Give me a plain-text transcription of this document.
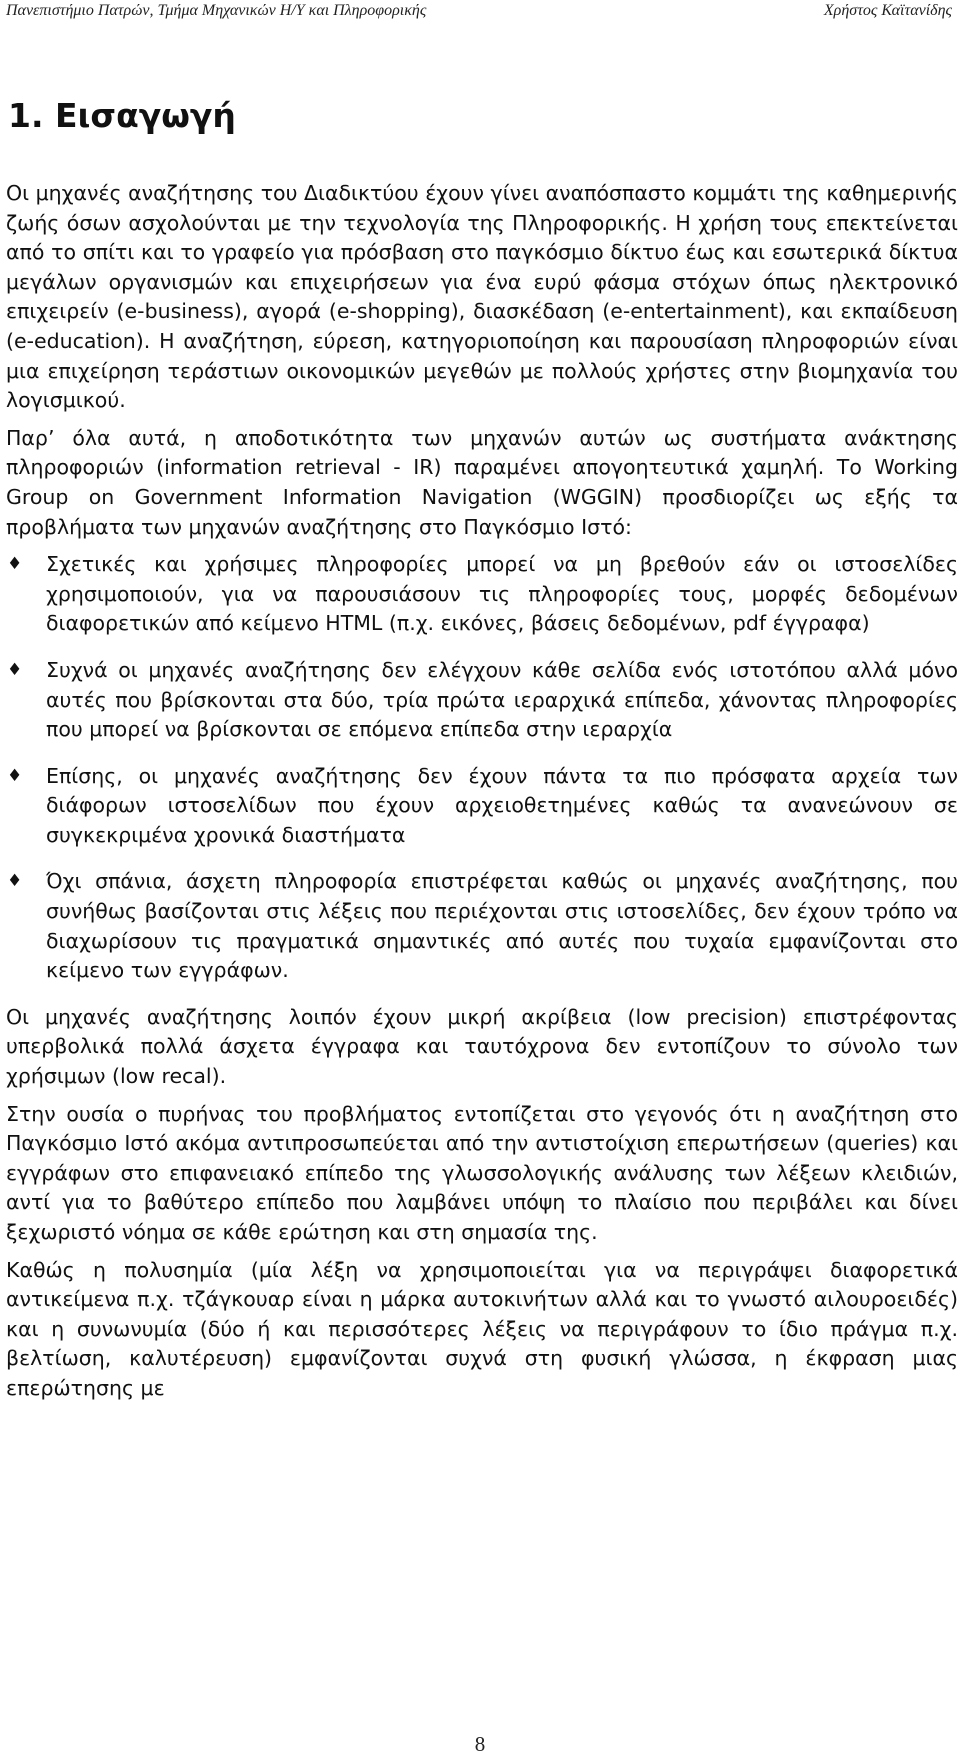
Πανεπιστήμιο Πατρών, Τμήμα Μηχανικών Η/Υ και Πληροφορικής	Χρήστος Καϊτανίδης
1. Εισαγωγή

Οι μηχανές αναζήτησης του Διαδικτύου έχουν γίνει αναπόσπαστο κομμάτι της καθημερινής ζωής όσων ασχολούνται με την τεχνολογία της Πληροφορικής. Η χρήση τους επεκτείνεται από το σπίτι και το γραφείο για πρόσβαση στο παγκόσμιο δίκτυο έως και εσωτερικά δίκτυα μεγάλων οργανισμών και επιχειρήσεων για ένα ευρύ φάσμα στόχων όπως ηλεκτρονικό επιχειρείν (e-business), αγορά (e-shopping), διασκέδαση (e-entertainment), και εκπαίδευση (e-education). Η αναζήτηση, εύρεση, κατηγοριοποίηση και παρουσίαση πληροφοριών είναι μια επιχείρηση τεράστιων οικονομικών μεγεθών με πολλούς χρήστες στην βιομηχανία του λογισμικού.

Παρ’ όλα αυτά, η αποδοτικότητα των μηχανών αυτών ως συστήματα ανάκτησης πληροφοριών (information retrieval - IR) παραμένει απογοητευτικά χαμηλή. Το Working Group on Government Information Navigation (WGGIN) προσδιορίζει ως εξής τα προβλήματα των μηχανών αναζήτησης στο Παγκόσμιο Ιστό:

♦ Σχετικές και χρήσιμες πληροφορίες μπορεί να μη βρεθούν εάν οι ιστοσελίδες χρησιμοποιούν, για να παρουσιάσουν τις πληροφορίες τους, μορφές δεδομένων διαφορετικών από κείμενο HTML (π.χ. εικόνες, βάσεις δεδομένων, pdf έγγραφα)
♦ Συχνά οι μηχανές αναζήτησης δεν ελέγχουν κάθε σελίδα ενός ιστοτόπου αλλά μόνο αυτές που βρίσκονται στα δύο, τρία πρώτα ιεραρχικά επίπεδα, χάνοντας πληροφορίες που μπορεί να βρίσκονται σε επόμενα επίπεδα στην ιεραρχία
♦ Επίσης, οι μηχανές αναζήτησης δεν έχουν πάντα τα πιο πρόσφατα αρχεία των διάφορων ιστοσελίδων που έχουν αρχειοθετημένες καθώς τα ανανεώνουν σε συγκεκριμένα χρονικά διαστήματα
♦ Όχι σπάνια, άσχετη πληροφορία επιστρέφεται καθώς οι μηχανές αναζήτησης, που συνήθως βασίζονται στις λέξεις που περιέχονται στις ιστοσελίδες, δεν έχουν τρόπο να διαχωρίσουν τις πραγματικά σημαντικές από αυτές που τυχαία εμφανίζονται στο κείμενο των εγγράφων.

Οι μηχανές αναζήτησης λοιπόν έχουν μικρή ακρίβεια (low precision) επιστρέφοντας υπερβολικά πολλά άσχετα έγγραφα και ταυτόχρονα δεν εντοπίζουν το σύνολο των χρήσιμων (low recal).

Στην ουσία ο πυρήνας του προβλήματος εντοπίζεται στο γεγονός ότι η αναζήτηση στο Παγκόσμιο Ιστό ακόμα αντιπροσωπεύεται από την αντιστοίχιση επερωτήσεων (queries) και εγγράφων στο επιφανειακό επίπεδο της γλωσσολογικής ανάλυσης των λέξεων κλειδιών, αντί για το βαθύτερο επίπεδο που λαμβάνει υπόψη το πλαίσιο που περιβάλει και δίνει ξεχωριστό νόημα σε κάθε ερώτηση και στη σημασία της.

Καθώς η πολυσημία (μία λέξη να χρησιμοποιείται για να περιγράψει διαφορετικά αντικείμενα π.χ. τζάγκουαρ είναι η μάρκα αυτοκινήτων αλλά και το γνωστό αιλουροειδές) και η συνωνυμία (δύο ή και περισσότερες λέξεις να περιγράφουν το ίδιο πράγμα π.χ. βελτίωση, καλυτέρευση) εμφανίζονται συχνά στη φυσική γλώσσα, η έκφραση μιας επερώτησης με

8
